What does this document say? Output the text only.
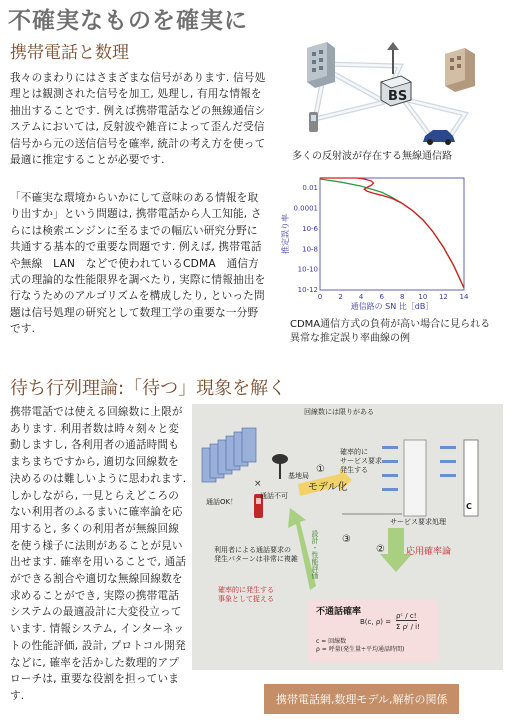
不確実なものを確実に
携帯電話と数理
我々のまわりにはさまざまな信号があります. 信号処理とは観測された信号を加工, 処理し, 有用な情報を抽出することです. 例えば携帯電話などの無線通信システムにおいては, 反射波や雑音によって歪んだ受信信号から元の送信信号を確率, 統計の考え方を使って最適に推定することが必要です.
「不確実な環境からいかにして意味のある情報を取り出すか」という問題は, 携帯電話から人工知能, さらには検索エンジンに至るまでの幅広い研究分野に共通する基本的で重要な問題です. 例えば, 携帯電話や無線　LAN　などで使われているCDMA　通信方式の理論的な性能限界を調べたり, 実際に情報抽出を行なうためのアルゴリズムを構成したり, といった問題は信号処理の研究として数理工学の重要な一分野です.
BS
多くの反射波が存在する無線通信路
0.01
0.0001
10-6
10-8
10-10
10-12
0 2 4 6 8 10 12 14
通信路の SN 比［dB］
推定誤り率
CDMA通信方式の負荷が高い場合に見られる異常な推定誤り率曲線の例
待ち行列理論:「待つ」現象を解く
携帯電話では使える回線数に上限があります. 利用者数は時々刻々と変動しますし, 各利用者の通話時間もまちまちですから, 適切な回線数を決めるのは難しいように思われます. しかしながら, 一見とらえどころのない利用者のふるまいに確率論を応用すると, 多くの利用者が無線回線を使う様子に法則があることが見い出せます. 確率を用いることで, 通話ができる割合や適切な無線回線数を求めることができ, 実際の携帯電話システムの最適設計に大変役立っています. 情報システム, インターネットの性能評価, 設計, プロトコル開発などに, 確率を活かした数理的アプローチは, 重要な役割を担っています.
×
回線数には限りがある
通話OK！
通話不可
基地局
①
モデル化
確率的に
サービス要求
発生する
C
サービス要求処理
利用者による通話要求の
発生パターンは非常に複雑
③
設計・性能評価	② 応用確率論
確率的に発生する
事象として捉える
不通話確率
B(c, ρ) =
ρᶜ / c!
Σ ρⁱ / i!
c = 回線数
ρ = 呼量(発生量÷平均通話時間)
携帯電話網,数理モデル,解析の関係
